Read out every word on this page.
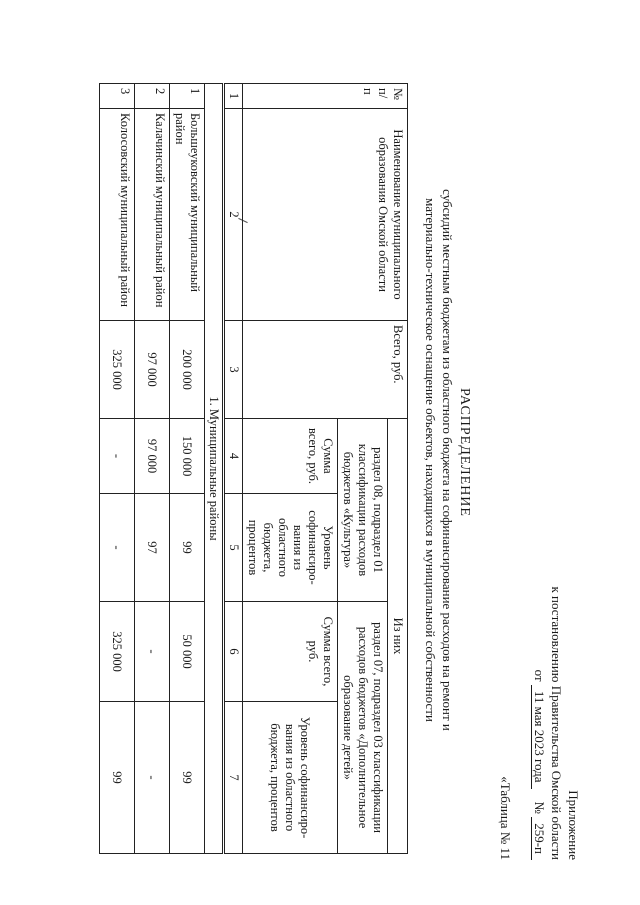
Приложение
к постановлению Правительства Омской области
от 11 мая 2023 года    № 259-п
«Таблица № 11
РАСПРЕДЕЛЕНИЕ
субсидий местным бюджетам из областного бюджета на софинансирование расходов на ремонт и
материально-техническое оснащение объектов, находящихся в муниципальной собственности
№ п/п	Наименование муниципального образования Омской области	Всего, руб.	Из них			
			раздел 08, подраздел 01 классификации расходов бюджетов «Культура»		раздел 07, подраздел 03 классификации расходов бюджетов «Дополнительное образование детей»	
			Сумма всего, руб.	Уровень софинансиро-вания из областного бюджета, процентов	Сумма всего, руб.	Уровень софинансиро-вания из областного бюджета, процентов
1	2	3	4	5	6	7
1. Муниципальные районы						
1	Большеуковский муниципальный район	200 000	150 000	99	50 000	99
2	Калачинский муниципальный район	97 000	97 000	97	-	-
3	Колосовский муниципальный район	325 000	-	-	325 000	99
